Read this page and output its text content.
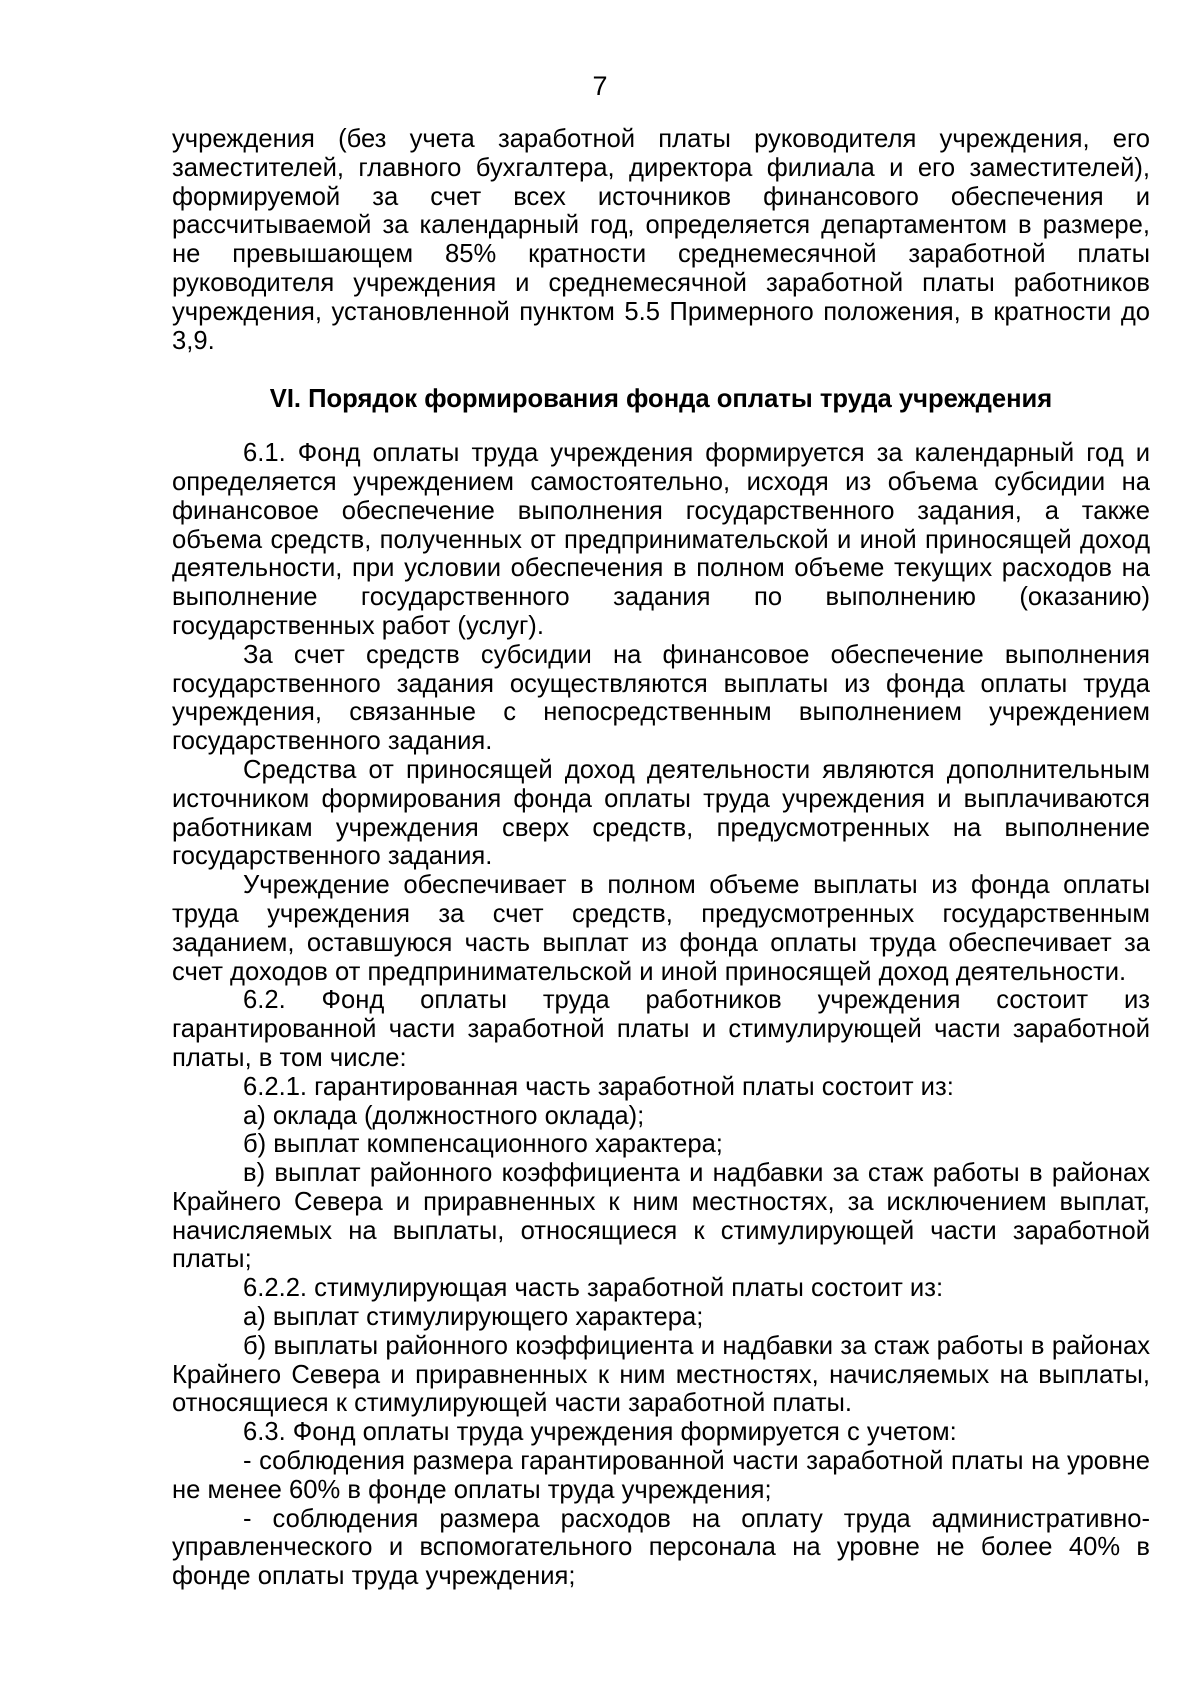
7

учреждения (без учета заработной платы руководителя учреждения, его заместителей, главного бухгалтера, директора филиала и его заместителей), формируемой за счет всех источников финансового обеспечения и рассчитываемой за календарный год, определяется департаментом в размере, не превышающем 85% кратности среднемесячной заработной платы руководителя учреждения и среднемесячной заработной платы работников учреждения, установленной пунктом 5.5 Примерного положения, в кратности до 3,9.

VI. Порядок формирования фонда оплаты труда учреждения

6.1. Фонд оплаты труда учреждения формируется за календарный год и определяется учреждением самостоятельно, исходя из объема субсидии на финансовое обеспечение выполнения государственного задания, а также объема средств, полученных от предпринимательской и иной приносящей доход деятельности, при условии обеспечения в полном объеме текущих расходов на выполнение государственного задания по выполнению (оказанию) государственных работ (услуг).

За счет средств субсидии на финансовое обеспечение выполнения государственного задания осуществляются выплаты из фонда оплаты труда учреждения, связанные с непосредственным выполнением учреждением государственного задания.

Средства от приносящей доход деятельности являются дополнительным источником формирования фонда оплаты труда учреждения и выплачиваются работникам учреждения сверх средств, предусмотренных на выполнение государственного задания.

Учреждение обеспечивает в полном объеме выплаты из фонда оплаты труда учреждения за счет средств, предусмотренных государственным заданием, оставшуюся часть выплат из фонда оплаты труда обеспечивает за счет доходов от предпринимательской и иной приносящей доход деятельности.

6.2. Фонд оплаты труда работников учреждения состоит из гарантированной части заработной платы и стимулирующей части заработной платы, в том числе:

6.2.1. гарантированная часть заработной платы состоит из:

а) оклада (должностного оклада);

б) выплат компенсационного характера;

в) выплат районного коэффициента и надбавки за стаж работы в районах Крайнего Севера и приравненных к ним местностях, за исключением выплат, начисляемых на выплаты, относящиеся к стимулирующей части заработной платы;

6.2.2. стимулирующая часть заработной платы состоит из:

а) выплат стимулирующего характера;

б) выплаты районного коэффициента и надбавки за стаж работы в районах Крайнего Севера и приравненных к ним местностях, начисляемых на выплаты, относящиеся к стимулирующей части заработной платы.

6.3. Фонд оплаты труда учреждения формируется с учетом:

- соблюдения размера гарантированной части заработной платы на уровне не менее 60% в фонде оплаты труда учреждения;

- соблюдения размера расходов на оплату труда административно-управленческого и вспомогательного персонала на уровне не более 40% в фонде оплаты труда учреждения;
